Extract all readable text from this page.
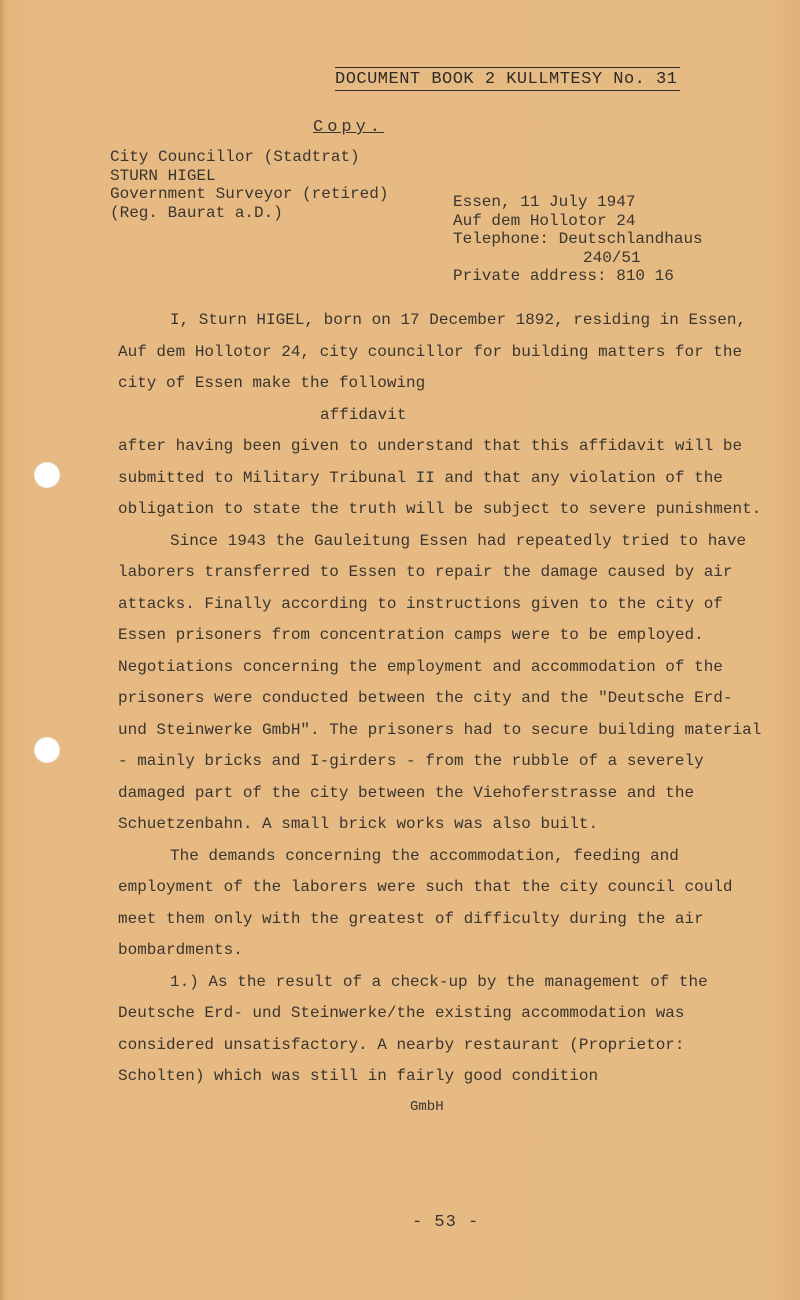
DOCUMENT BOOK 2 KULLMTESY No. 31
Copy.
City Councillor (Stadtrat)
STURN HIGEL
Government Surveyor (retired)
(Reg. Baurat a.D.)
Essen, 11 July 1947
Auf dem Hollotor 24
Telephone: Deutschlandhaus
240/51
Private address: 810 16

I, Sturn HIGEL, born on 17 December 1892, residing in Essen, Auf dem Hollotor 24, city councillor for building matters for the city of Essen make the following

affidavit

after having been given to understand that this affidavit will be submitted to Military Tribunal II and that any violation of the obligation to state the truth will be subject to severe punishment.

Since 1943 the Gauleitung Essen had repeatedly tried to have laborers transferred to Essen to repair the damage caused by air attacks. Finally according to instructions given to the city of Essen prisoners from concentration camps were to be employed. Negotiations concerning the employment and accommodation of the prisoners were conducted between the city and the "Deutsche Erd- und Steinwerke GmbH". The prisoners had to secure building material - mainly bricks and I-girders - from the rubble of a severely damaged part of the city between the Viehoferstrasse and the Schuetzenbahn. A small brick works was also built.

The demands concerning the accommodation, feeding and employment of the laborers were such that the city council could meet them only with the greatest of difficulty during the air bombardments.

1.) As the result of a check-up by the management of the Deutsche Erd- und Steinwerke/the existing accommodation was considered unsatisfactory. A nearby restaurant (Proprietor: Scholten) which was still in fairly good condition

GmbH
- 53 -
